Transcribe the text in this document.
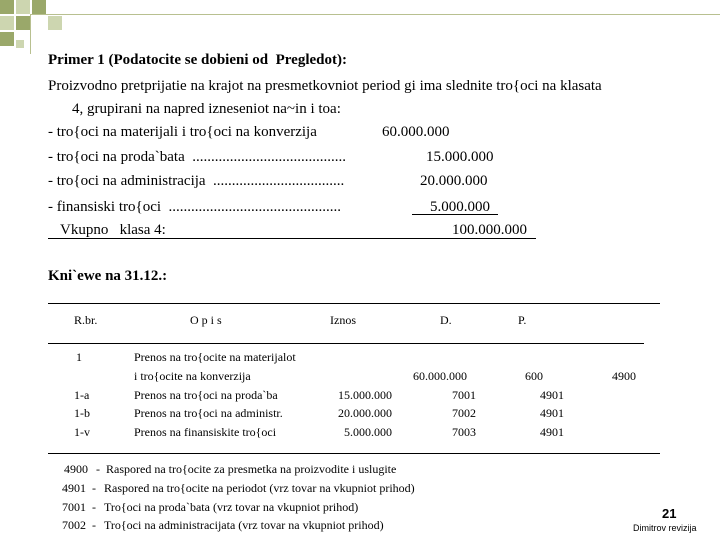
Primer 1 (Podatocite se dobieni od  Pregledot):
Proizvodno pretprijatie na krajot na presmetkovniot period gi ima slednite tro{oci na klasata
4, grupirani na napred izneseniot na~in i toa:
- tro{oci na materijali i tro{oci na konverzija	60.000.000
- tro{oci na proda`bata  .........................................	15.000.000
- tro{oci na administracija  ...................................	20.000.000
- finansiski tro{oci  ..............................................	5.000.000
Vkupno   klasa 4:	100.000.000
Kni`ewe na 31.12.:
R.br.	O p i s	Iznos	D.	P.
1	Prenos na tro{ocite na materijalot
i tro{ocite na konverzija	60.000.000	600	4900
1-a	Prenos na tro{oci na proda`ba	15.000.000	7001	4901
1-b	Prenos na tro{oci na administr.	20.000.000	7002	4901
1-v	Prenos na finansiskite tro{oci	5.000.000	7003	4901
4900 - Raspored na tro{ocite za presmetka na proizvodite i uslugite
4901 - Raspored na tro{ocite na periodot (vrz tovar na vkupniot prihod)
7001 - Tro{oci na proda`bata (vrz tovar na vkupniot prihod)
7002 - Tro{oci na administracijata (vrz tovar na vkupniot prihod)
21
Dimitrov revizija
